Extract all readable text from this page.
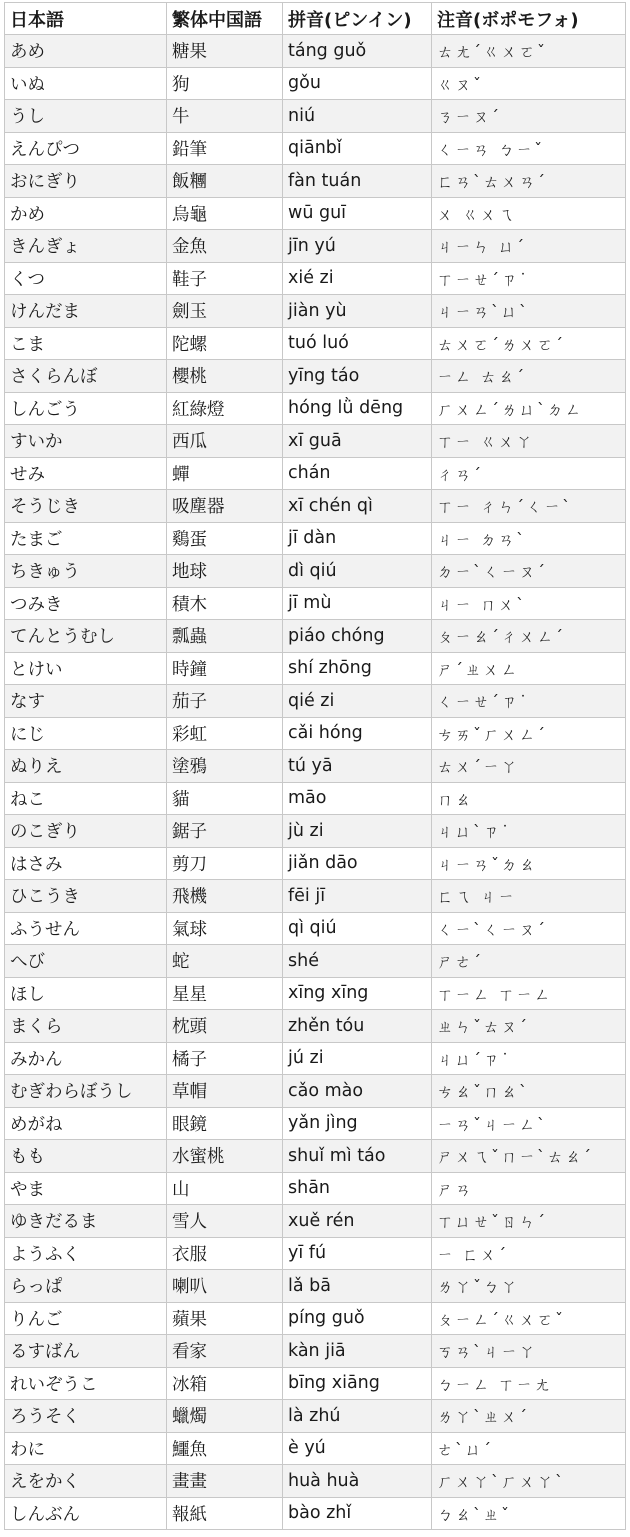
日本語	繁体中国語	拼音(ピンイン)	注音(ボポモフォ)
あめ	糖果	táng guǒ	ㄊㄤˊㄍㄨㄛˇ
いぬ	狗	gǒu	ㄍㄡˇ
うし	牛	niú	ㄋㄧㄡˊ
えんぴつ	鉛筆	qiānbǐ	ㄑㄧㄢ ㄅㄧˇ
おにぎり	飯糰	fàn tuán	ㄈㄢˋㄊㄨㄢˊ
かめ	烏龜	wū guī	ㄨ ㄍㄨㄟ
きんぎょ	金魚	jīn yú	ㄐㄧㄣ ㄩˊ
くつ	鞋子	xié zi	ㄒㄧㄝˊㄗ˙
けんだま	劍玉	jiàn yù	ㄐㄧㄢˋㄩˋ
こま	陀螺	tuó luó	ㄊㄨㄛˊㄌㄨㄛˊ
さくらんぼ	櫻桃	yīng táo	ㄧㄥ ㄊㄠˊ
しんごう	紅綠燈	hóng lǜ dēng	ㄏㄨㄥˊㄌㄩˋㄉㄥ
すいか	西瓜	xī guā	ㄒㄧ ㄍㄨㄚ
せみ	蟬	chán	ㄔㄢˊ
そうじき	吸塵器	xī chén qì	ㄒㄧ ㄔㄣˊㄑㄧˋ
たまご	鷄蛋	jī dàn	ㄐㄧ ㄉㄢˋ
ちきゅう	地球	dì qiú	ㄉㄧˋㄑㄧㄡˊ
つみき	積木	jī mù	ㄐㄧ ㄇㄨˋ
てんとうむし	瓢蟲	piáo chóng	ㄆㄧㄠˊㄔㄨㄥˊ
とけい	時鐘	shí zhōng	ㄕˊㄓㄨㄥ
なす	茄子	qié zi	ㄑㄧㄝˊㄗ˙
にじ	彩虹	cǎi hóng	ㄘㄞˇㄏㄨㄥˊ
ぬりえ	塗鴉	tú yā	ㄊㄨˊㄧㄚ
ねこ	貓	māo	ㄇㄠ
のこぎり	鋸子	jù zi	ㄐㄩˋㄗ˙
はさみ	剪刀	jiǎn dāo	ㄐㄧㄢˇㄉㄠ
ひこうき	飛機	fēi jī	ㄈㄟ ㄐㄧ
ふうせん	氣球	qì qiú	ㄑㄧˋㄑㄧㄡˊ
へび	蛇	shé	ㄕㄜˊ
ほし	星星	xīng xīng	ㄒㄧㄥ ㄒㄧㄥ
まくら	枕頭	zhěn tóu	ㄓㄣˇㄊㄡˊ
みかん	橘子	jú zi	ㄐㄩˊㄗ˙
むぎわらぼうし	草帽	cǎo mào	ㄘㄠˇㄇㄠˋ
めがね	眼鏡	yǎn jìng	ㄧㄢˇㄐㄧㄥˋ
もも	水蜜桃	shuǐ mì táo	ㄕㄨㄟˇㄇㄧˋㄊㄠˊ
やま	山	shān	ㄕㄢ
ゆきだるま	雪人	xuě rén	ㄒㄩㄝˇㄖㄣˊ
ようふく	衣服	yī fú	ㄧ ㄈㄨˊ
らっぱ	喇叭	lǎ bā	ㄌㄚˇㄅㄚ
りんご	蘋果	píng guǒ	ㄆㄧㄥˊㄍㄨㄛˇ
るすばん	看家	kàn jiā	ㄎㄢˋㄐㄧㄚ
れいぞうこ	冰箱	bīng xiāng	ㄅㄧㄥ ㄒㄧㄤ
ろうそく	蠟燭	là zhú	ㄌㄚˋㄓㄨˊ
わに	鱷魚	è yú	ㄜˋㄩˊ
えをかく	畫畫	huà huà	ㄏㄨㄚˋㄏㄨㄚˋ
しんぶん	報紙	bào zhǐ	ㄅㄠˋㄓˇ
